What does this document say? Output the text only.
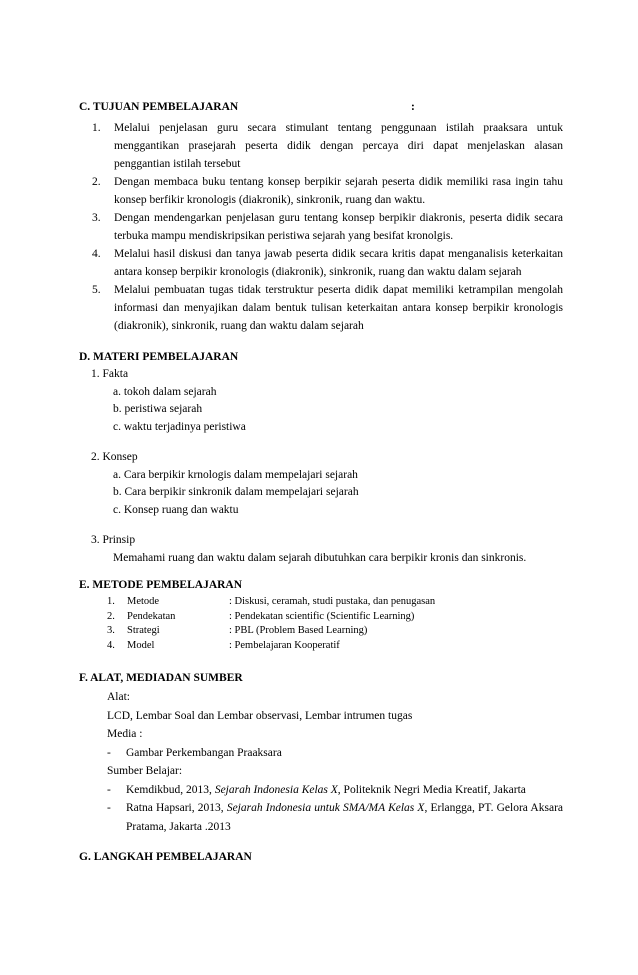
C. TUJUAN PEMBELAJARAN	:
1. Melalui penjelasan guru secara stimulant tentang penggunaan istilah praaksara untuk menggantikan prasejarah peserta didik dengan percaya diri dapat menjelaskan alasan penggantian istilah tersebut
2. Dengan membaca buku tentang konsep berpikir sejarah peserta didik memiliki rasa ingin tahu konsep berfikir kronologis (diakronik), sinkronik, ruang dan waktu.
3. Dengan mendengarkan penjelasan guru tentang konsep berpikir diakronis, peserta didik secara terbuka mampu mendiskripsikan peristiwa sejarah yang besifat kronolgis.
4. Melalui hasil diskusi dan tanya jawab peserta didik secara kritis dapat menganalisis keterkaitan antara konsep berpikir kronologis (diakronik), sinkronik, ruang dan waktu dalam sejarah
5. Melalui pembuatan tugas tidak terstruktur peserta didik dapat memiliki ketrampilan mengolah informasi dan menyajikan dalam bentuk tulisan keterkaitan antara konsep berpikir kronologis (diakronik), sinkronik, ruang dan waktu dalam sejarah
D. MATERI PEMBELAJARAN
1. Fakta
a. tokoh dalam sejarah
b. peristiwa sejarah
c. waktu terjadinya peristiwa
2. Konsep
a. Cara berpikir krnologis dalam mempelajari sejarah
b. Cara berpikir sinkronik dalam mempelajari sejarah
c. Konsep ruang dan waktu
3. Prinsip
Memahami ruang dan waktu dalam sejarah dibutuhkan cara berpikir kronis dan sinkronis.
E. METODE PEMBELAJARAN
1.	Metode	: Diskusi, ceramah, studi pustaka, dan penugasan
2.	Pendekatan	: Pendekatan scientific (Scientific Learning)
3.	Strategi	: PBL (Problem Based Learning)
4.	Model	: Pembelajaran Kooperatif
F. ALAT, MEDIADAN SUMBER
Alat:
LCD, Lembar Soal dan Lembar observasi, Lembar intrumen tugas
Media :
- Gambar Perkembangan Praaksara
Sumber Belajar:
- Kemdikbud, 2013, Sejarah Indonesia Kelas X, Politeknik Negri Media Kreatif, Jakarta
- Ratna Hapsari, 2013, Sejarah Indonesia untuk SMA/MA Kelas X, Erlangga, PT. Gelora Aksara Pratama, Jakarta .2013
G. LANGKAH PEMBELAJARAN
